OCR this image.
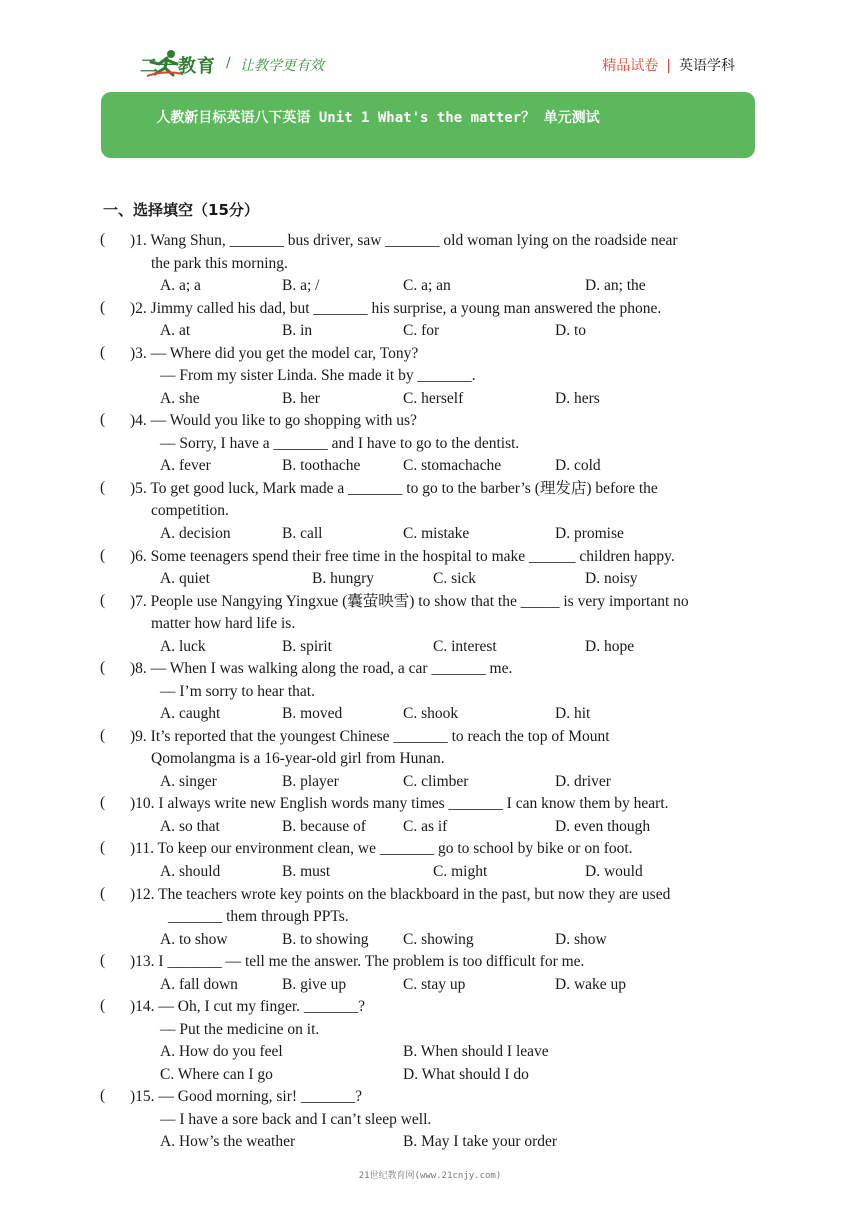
二一教育 / 让教学更有效	精品试卷 | 英语学科
人教新目标英语八下英语 Unit 1 What's the matter？ 单元测试
一、选择填空（15分）
( )1. Wang Shun, _______ bus driver, saw _______ old woman lying on the roadside near
the park this morning.
A. a; a	B. a; /	C. a; an	D. an; the
( )2. Jimmy called his dad, but _______ his surprise, a young man answered the phone.
A. at	B. in	C. for	D. to
( )3. — Where did you get the model car, Tony?
— From my sister Linda. She made it by _______.
A. she	B. her	C. herself	D. hers
( )4. — Would you like to go shopping with us?
— Sorry, I have a _______ and I have to go to the dentist.
A. fever	B. toothache	C. stomachache	D. cold
( )5. To get good luck, Mark made a _______ to go to the barber’s (理发店) before the
competition.
A. decision	B. call	C. mistake	D. promise
( )6. Some teenagers spend their free time in the hospital to make ______ children happy.
A. quiet	B. hungry	C. sick	D. noisy
( )7. People use Nangying Yingxue (囊萤映雪) to show that the _____ is very important no
matter how hard life is.
A. luck	B. spirit	C. interest	D. hope
( )8. — When I was walking along the road, a car _______ me.
— I’m sorry to hear that.
A. caught	B. moved	C. shook	D. hit
( )9. It’s reported that the youngest Chinese _______ to reach the top of Mount
Qomolangma is a 16-year-old girl from Hunan.
A. singer	B. player	C. climber	D. driver
( )10. I always write new English words many times _______ I can know them by heart.
A. so that	B. because of C. as if	D. even though
( )11. To keep our environment clean, we _______ go to school by bike or on foot.
A. should	B. must	C. might	D. would
( )12. The teachers wrote key points on the blackboard in the past, but now they are used
_______ them through PPTs.
A. to show	B. to showing C. showing	D. show
( )13. I _______ — tell me the answer. The problem is too difficult for me.
A. fall down	B. give up	C. stay up	D. wake up
( )14. — Oh, I cut my finger. _______?
— Put the medicine on it.
A. How do you feel	B. When should I leave
C. Where can I go	D. What should I do
( )15. — Good morning, sir! _______?
— I have a sore back and I can’t sleep well.
A. How’s the weather	B. May I take your order
21世纪教育网(www.21cnjy.com)
